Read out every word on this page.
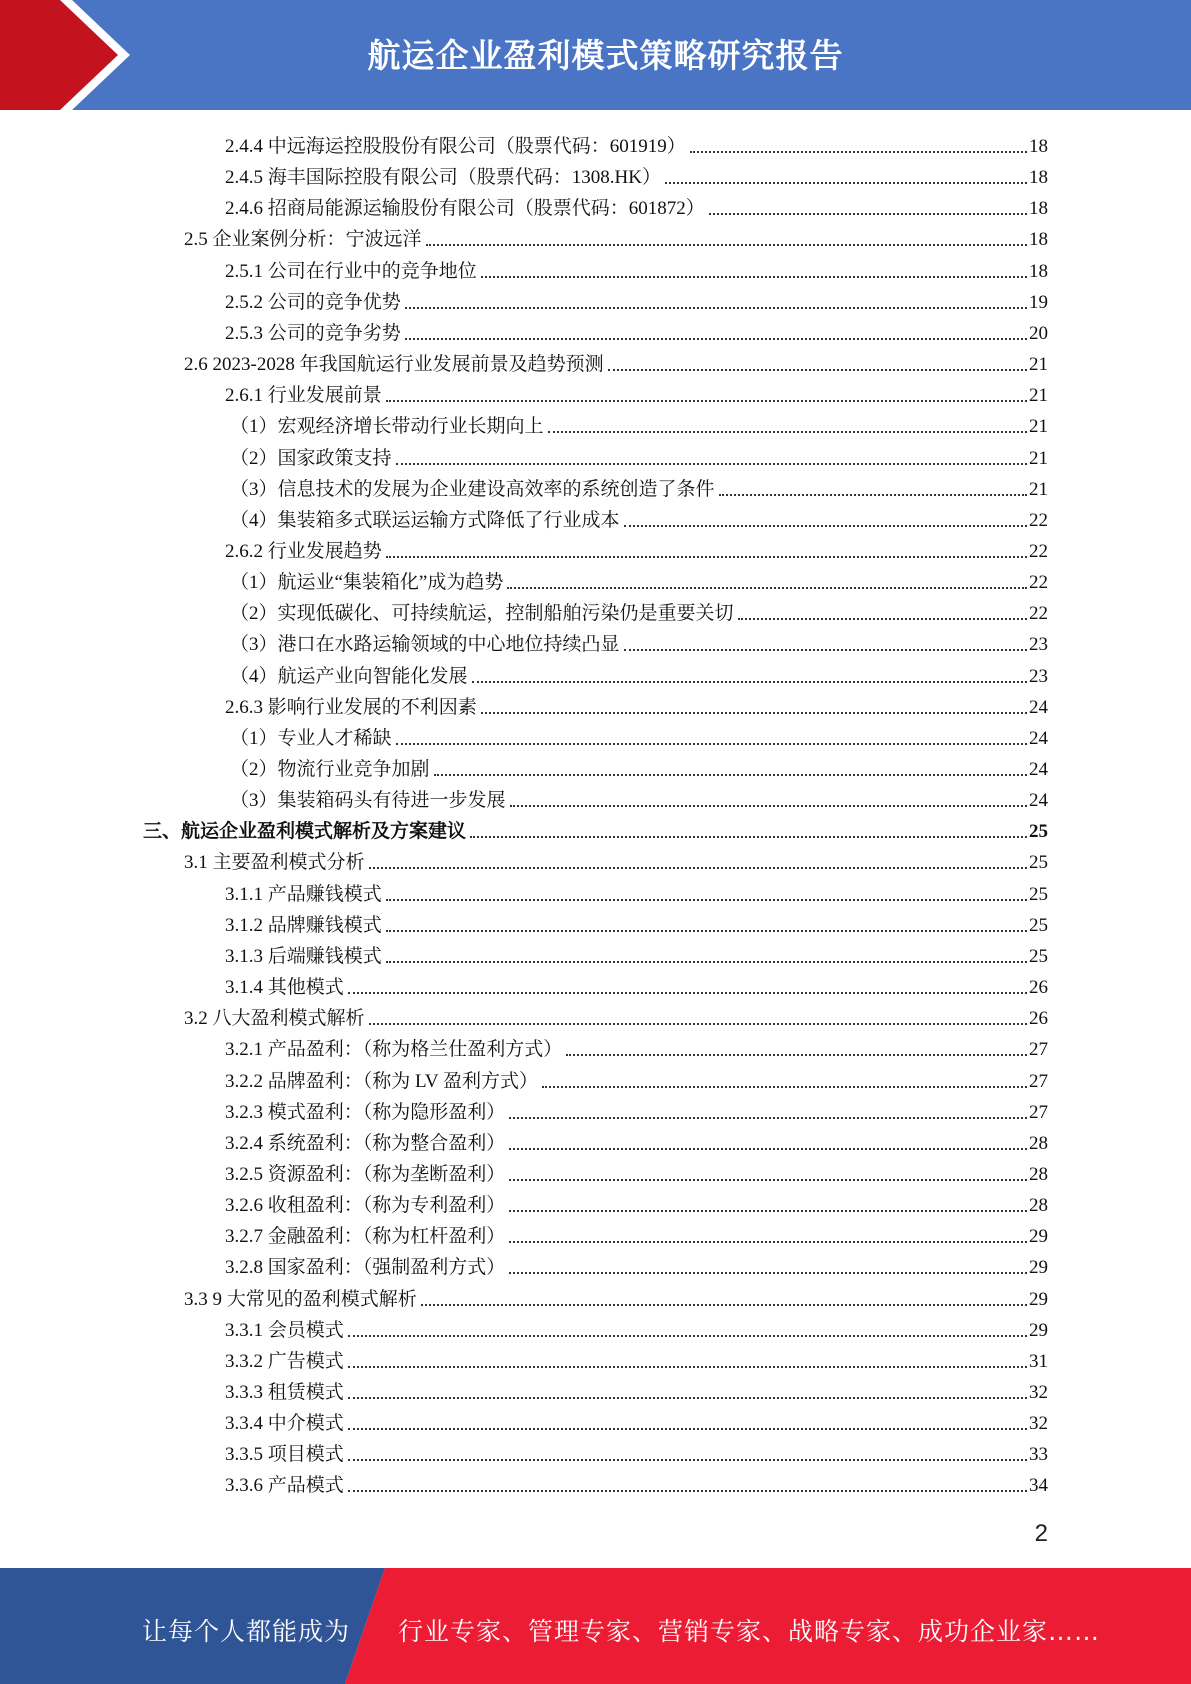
航运企业盈利模式策略研究报告
2.4.4 中远海运控股股份有限公司（股票代码：601919）	18
2.4.5 海丰国际控股有限公司（股票代码：1308.HK）	18
2.4.6 招商局能源运输股份有限公司（股票代码：601872）	18
2.5 企业案例分析：宁波远洋	18
2.5.1 公司在行业中的竞争地位	18
2.5.2 公司的竞争优势	19
2.5.3 公司的竞争劣势	20
2.6 2023-2028 年我国航运行业发展前景及趋势预测	21
2.6.1 行业发展前景	21
（1）宏观经济增长带动行业长期向上	21
（2）国家政策支持	21
（3）信息技术的发展为企业建设高效率的系统创造了条件	21
（4）集装箱多式联运运输方式降低了行业成本	22
2.6.2 行业发展趋势	22
（1）航运业“集装箱化”成为趋势	22
（2）实现低碳化、可持续航运，控制船舶污染仍是重要关切	22
（3）港口在水路运输领域的中心地位持续凸显	23
（4）航运产业向智能化发展	23
2.6.3 影响行业发展的不利因素	24
（1）专业人才稀缺	24
（2）物流行业竞争加剧	24
（3）集装箱码头有待进一步发展	24
三、航运企业盈利模式解析及方案建议	25
3.1 主要盈利模式分析	25
3.1.1 产品赚钱模式	25
3.1.2 品牌赚钱模式	25
3.1.3 后端赚钱模式	25
3.1.4 其他模式	26
3.2 八大盈利模式解析	26
3.2.1 产品盈利：（称为格兰仕盈利方式）	27
3.2.2 品牌盈利：（称为 LV 盈利方式）	27
3.2.3 模式盈利：（称为隐形盈利）	27
3.2.4 系统盈利：（称为整合盈利）	28
3.2.5 资源盈利：（称为垄断盈利）	28
3.2.6 收租盈利：（称为专利盈利）	28
3.2.7 金融盈利：（称为杠杆盈利）	29
3.2.8 国家盈利：（强制盈利方式）	29
3.3 9 大常见的盈利模式解析	29
3.3.1 会员模式	29
3.3.2 广告模式	31
3.3.3 租赁模式	32
3.3.4 中介模式	32
3.3.5 项目模式	33
3.3.6 产品模式	34
2
让每个人都能成为 行业专家、管理专家、营销专家、战略专家、成功企业家……
